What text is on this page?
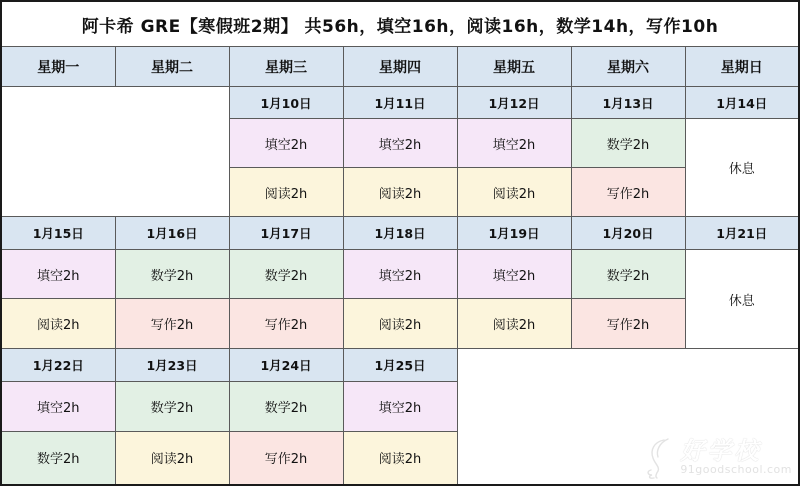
阿卡希 GRE【寒假班2期】 共56h，填空16h，阅读16h，数学14h，写作10h						
星期一	星期二	星期三	星期四	星期五	星期六	星期日
		1月10日	1月11日	1月12日	1月13日	1月14日
		填空2h	填空2h	填空2h	数学2h	休息
		阅读2h	阅读2h	阅读2h	写作2h	
1月15日	1月16日	1月17日	1月18日	1月19日	1月20日	1月21日
填空2h	数学2h	数学2h	填空2h	填空2h	数学2h	休息
阅读2h	写作2h	写作2h	阅读2h	阅读2h	写作2h	
1月22日	1月23日	1月24日	1月25日	好学校
91goodschool.com		

填空2h	数学2h	数学2h	填空2h			
数学2h	阅读2h	写作2h	阅读2h			
